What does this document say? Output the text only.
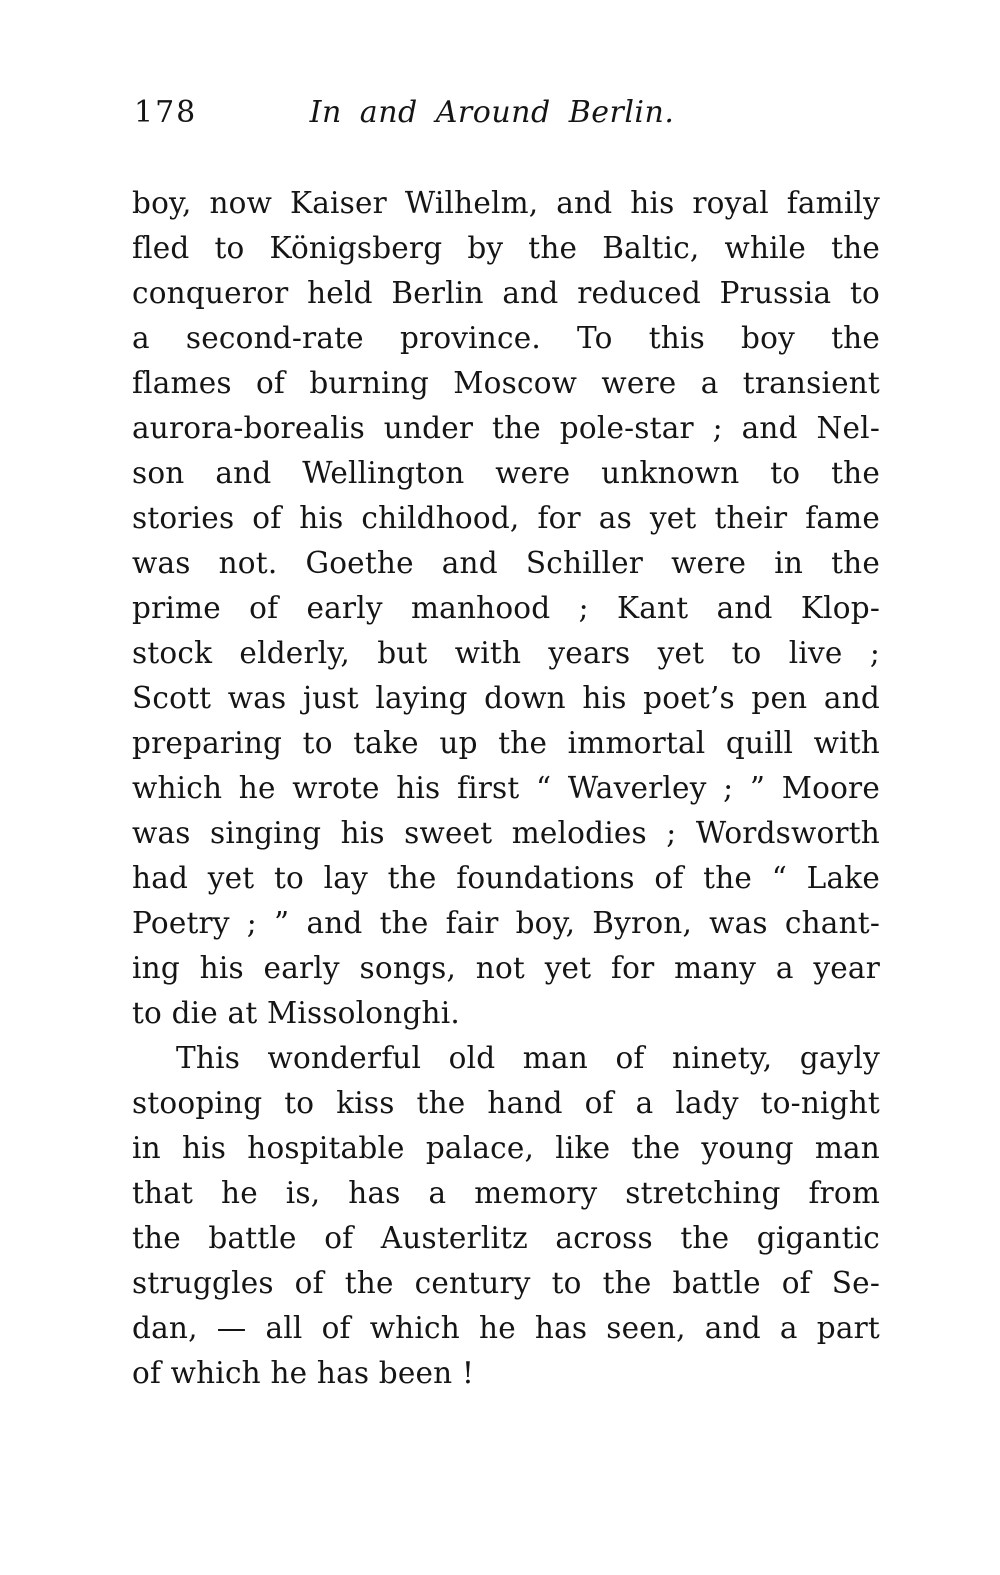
178	In and Around Berlin.
boy, now Kaiser Wilhelm, and his royal family
fled to Königsberg by the Baltic, while the
conqueror held Berlin and reduced Prussia to
a second-rate province. To this boy the
flames of burning Moscow were a transient
aurora-borealis under the pole-star ; and Nel-
son and Wellington were unknown to the
stories of his childhood, for as yet their fame
was not. Goethe and Schiller were in the
prime of early manhood ; Kant and Klop-
stock elderly, but with years yet to live ;
Scott was just laying down his poet’s pen and
preparing to take up the immortal quill with
which he wrote his first “ Waverley ; ” Moore
was singing his sweet melodies ; Wordsworth
had yet to lay the foundations of the “ Lake
Poetry ; ” and the fair boy, Byron, was chant-
ing his early songs, not yet for many a year
to die at Missolonghi.
This wonderful old man of ninety, gayly
stooping to kiss the hand of a lady to-night
in his hospitable palace, like the young man
that he is, has a memory stretching from
the battle of Austerlitz across the gigantic
struggles of the century to the battle of Se-
dan, — all of which he has seen, and a part
of which he has been !
